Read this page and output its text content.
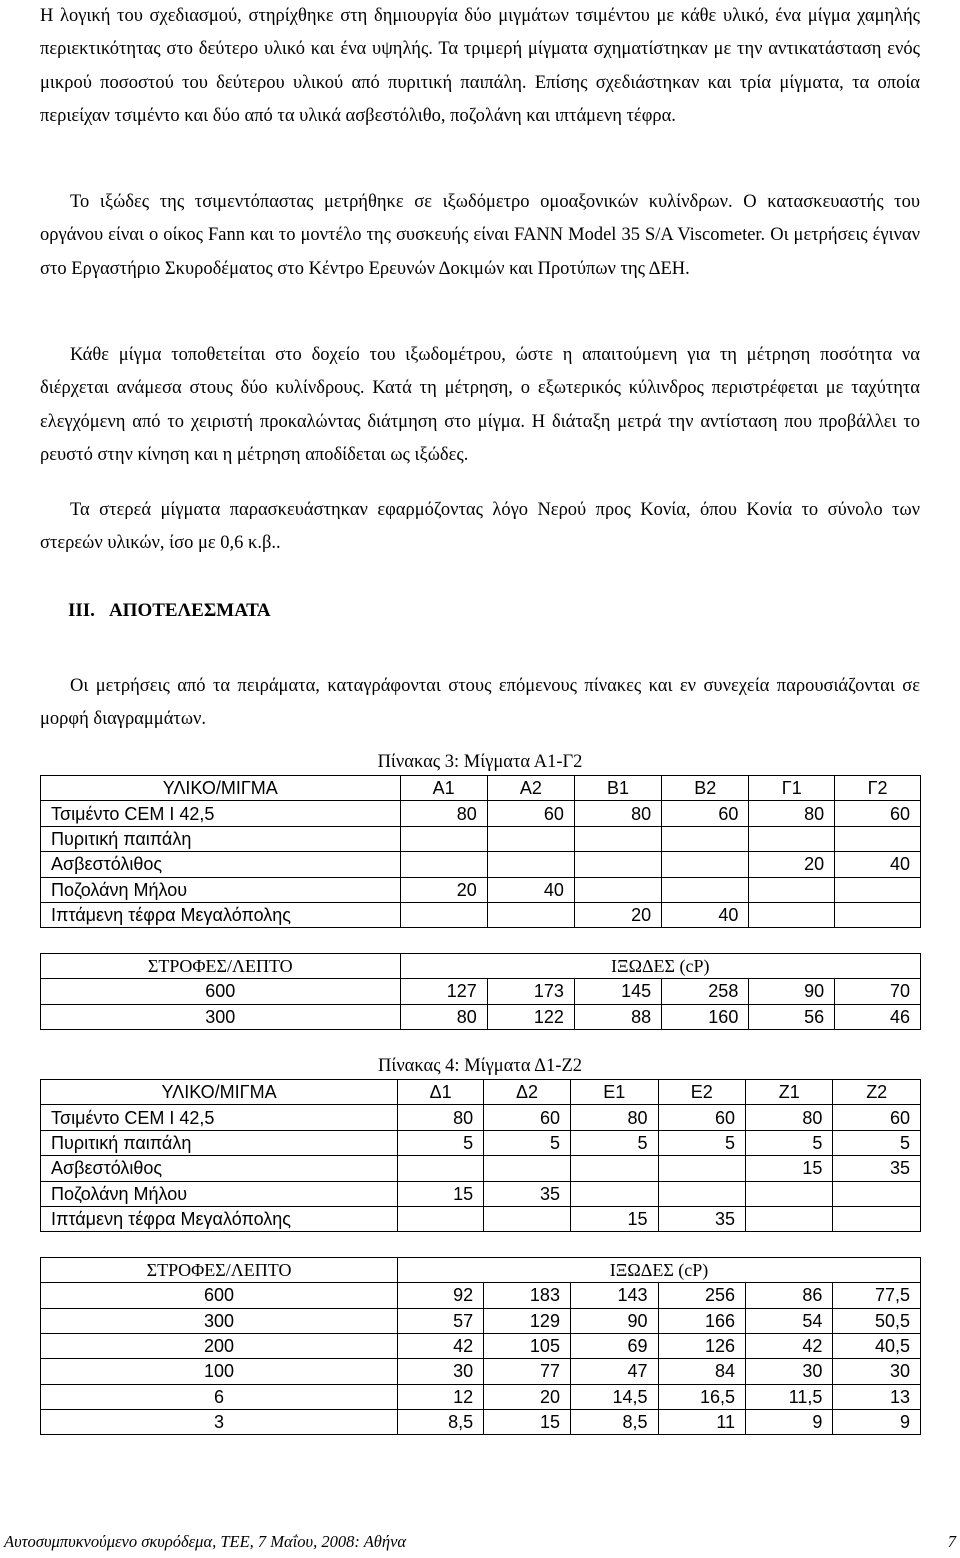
Η λογική του σχεδιασμού, στηρίχθηκε στη δημιουργία δύο μιγμάτων τσιμέντου με κάθε υλικό, ένα μίγμα χαμηλής περιεκτικότητας στο δεύτερο υλικό και ένα υψηλής. Τα τριμερή μίγματα σχηματίστηκαν με την αντικατάσταση ενός μικρού ποσοστού του δεύτερου υλικού από πυριτική παιπάλη. Επίσης σχεδιάστηκαν και τρία μίγματα, τα οποία περιείχαν τσιμέντο και δύο από τα υλικά ασβεστόλιθο, ποζολάνη και ιπτάμενη τέφρα.

Το ιξώδες της τσιμεντόπαστας μετρήθηκε σε ιξωδόμετρο ομοαξονικών κυλίνδρων. Ο κατασκευαστής του οργάνου είναι ο οίκος Fann και το μοντέλο της συσκευής είναι FANN Model 35 S/A Viscometer. Οι μετρήσεις έγιναν στο Εργαστήριο Σκυροδέματος στο Κέντρο Ερευνών Δοκιμών και Προτύπων της ΔΕΗ.

Κάθε μίγμα τοποθετείται στο δοχείο του ιξωδομέτρου, ώστε η απαιτούμενη για τη μέτρηση ποσότητα να διέρχεται ανάμεσα στους δύο κυλίνδρους. Κατά τη μέτρηση, ο εξωτερικός κύλινδρος περιστρέφεται με ταχύτητα ελεγχόμενη από το χειριστή προκαλώντας διάτμηση στο μίγμα. Η διάταξη μετρά την αντίσταση που προβάλλει το ρευστό στην κίνηση και η μέτρηση αποδίδεται ως ιξώδες.

Τα στερεά μίγματα παρασκευάστηκαν εφαρμόζοντας λόγο Νερού προς Κονία, όπου Κονία το σύνολο των στερεών υλικών, ίσο με 0,6 κ.β..

III. ΑΠΟΤΕΛΕΣΜΑΤΑ

Οι μετρήσεις από τα πειράματα, καταγράφονται στους επόμενους πίνακες και εν συνεχεία παρουσιάζονται σε μορφή διαγραμμάτων.

Πίνακας 3: Μίγματα Α1-Γ2
ΥΛΙΚΟ/ΜΙΓΜΑ	Α1	Α2	Β1	Β2	Γ1	Γ2
Τσιμέντο CEM I 42,5	80	60	80	60	80	60
Πυριτική παιπάλη						
Ασβεστόλιθος					20	40
Ποζολάνη Μήλου	20	40				
Ιπτάμενη τέφρα Μεγαλόπολης			20	40		

ΣΤΡΟΦΕΣ/ΛΕΠΤΟ	ΙΞΩΔΕΣ (cP)					
600	127	173	145	258	90	70
300	80	122	88	160	56	46
Πίνακας 4: Μίγματα Δ1-Ζ2
ΥΛΙΚΟ/ΜΙΓΜΑ	Δ1	Δ2	Ε1	Ε2	Ζ1	Ζ2
Τσιμέντο CEM I 42,5	80	60	80	60	80	60
Πυριτική παιπάλη	5	5	5	5	5	5
Ασβεστόλιθος					15	35
Ποζολάνη Μήλου	15	35				
Ιπτάμενη τέφρα Μεγαλόπολης			15	35		

ΣΤΡΟΦΕΣ/ΛΕΠΤΟ	ΙΞΩΔΕΣ (cP)					
600	92	183	143	256	86	77,5
300	57	129	90	166	54	50,5
200	42	105	69	126	42	40,5
100	30	77	47	84	30	30
6	12	20	14,5	16,5	11,5	13
3	8,5	15	8,5	11	9	9
Αυτοσυμπυκνούμενο σκυρόδεμα, ΤΕΕ, 7 Μαΐου, 2008: Αθήνα	7
